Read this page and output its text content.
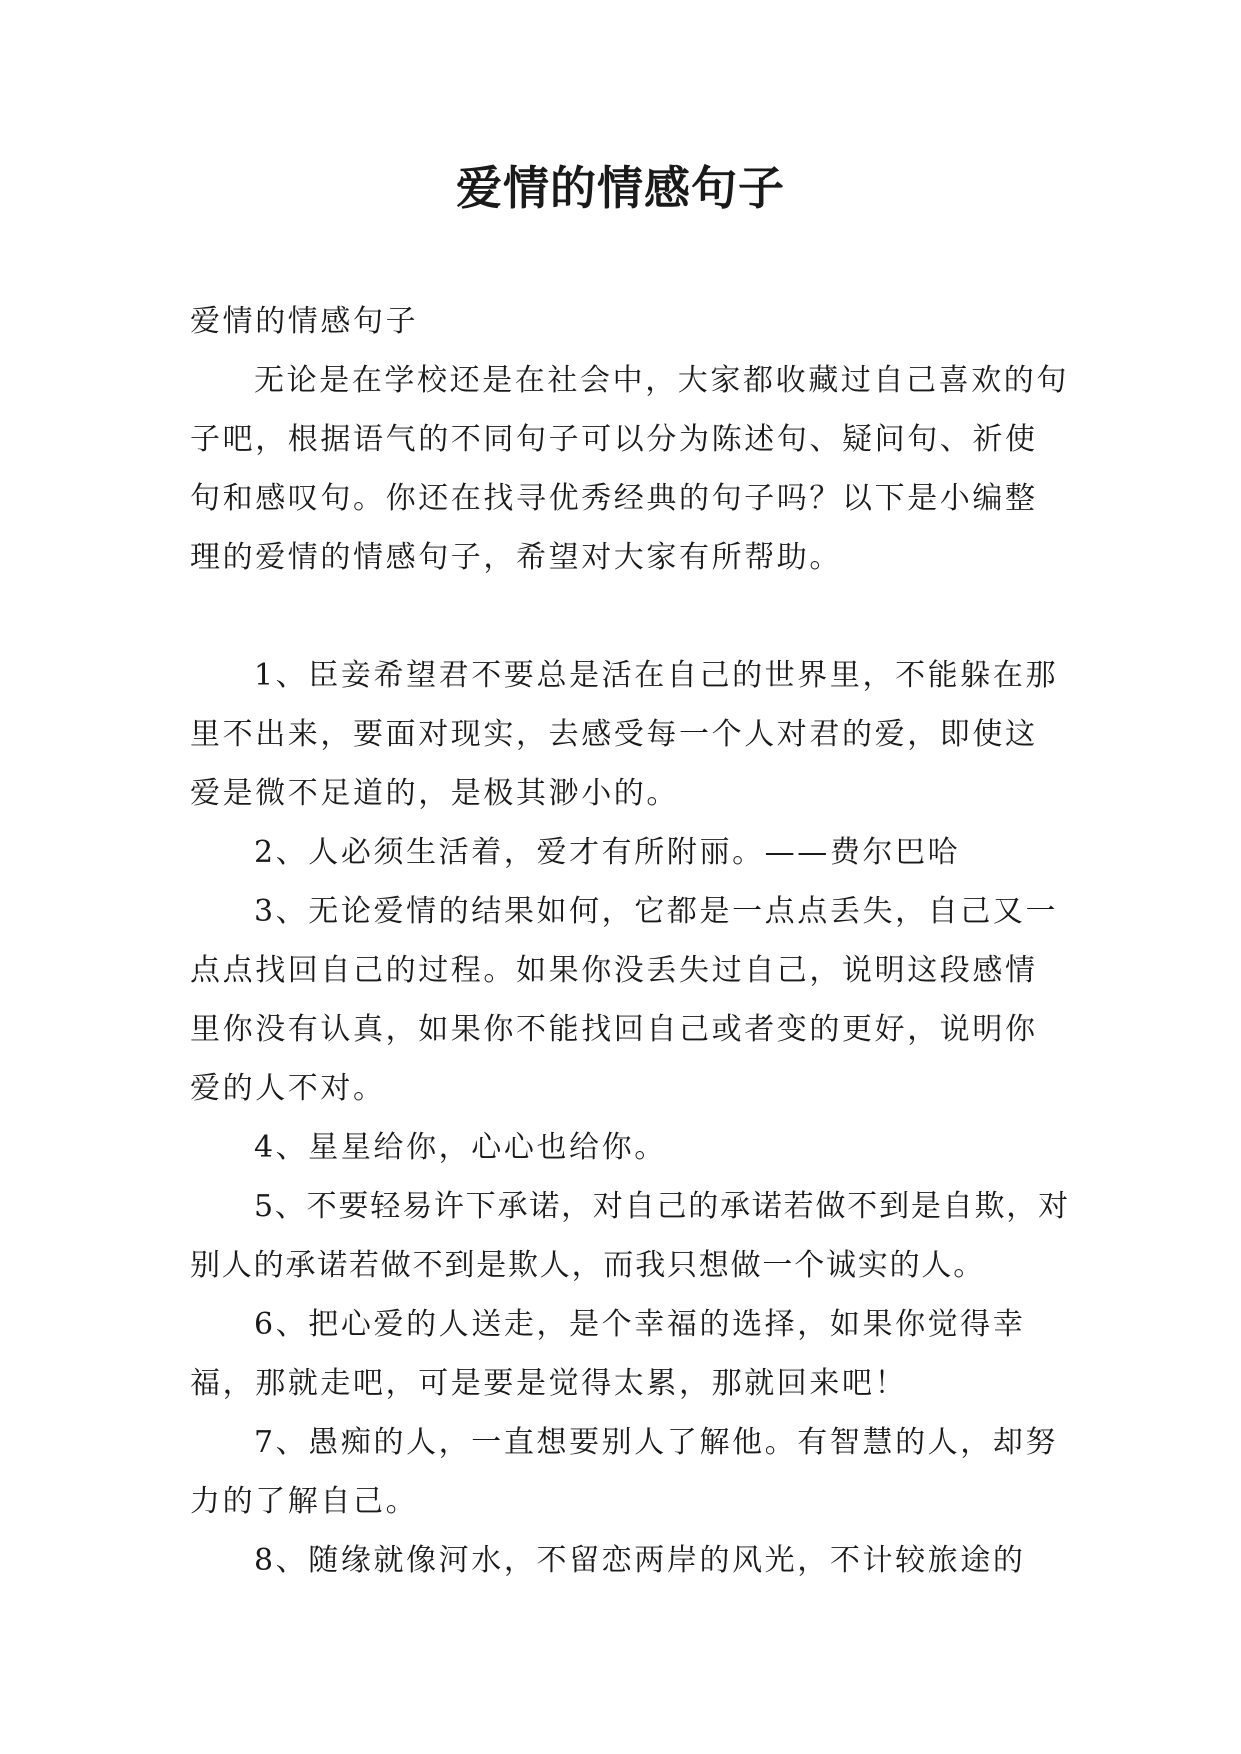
爱情的情感句子

爱情的情感句子

无论是在学校还是在社会中，大家都收藏过自己喜欢的句子吧，根据语气的不同句子可以分为陈述句、疑问句、祈使句和感叹句。你还在找寻优秀经典的句子吗？以下是小编整理的爱情的情感句子，希望对大家有所帮助。

1、臣妾希望君不要总是活在自己的世界里，不能躲在那里不出来，要面对现实，去感受每一个人对君的爱，即使这爱是微不足道的，是极其渺小的。

2、人必须生活着，爱才有所附丽。——费尔巴哈

3、无论爱情的结果如何，它都是一点点丢失，自己又一点点找回自己的过程。如果你没丢失过自己，说明这段感情里你没有认真，如果你不能找回自己或者变的更好，说明你爱的人不对。

4、星星给你，心心也给你。

5、不要轻易许下承诺，对自己的承诺若做不到是自欺，对别人的承诺若做不到是欺人，而我只想做一个诚实的人。

6、把心爱的人送走，是个幸福的选择，如果你觉得幸福，那就走吧，可是要是觉得太累，那就回来吧！

7、愚痴的人，一直想要别人了解他。有智慧的人，却努力的了解自己。

8、随缘就像河水，不留恋两岸的风光，不计较旅途的
